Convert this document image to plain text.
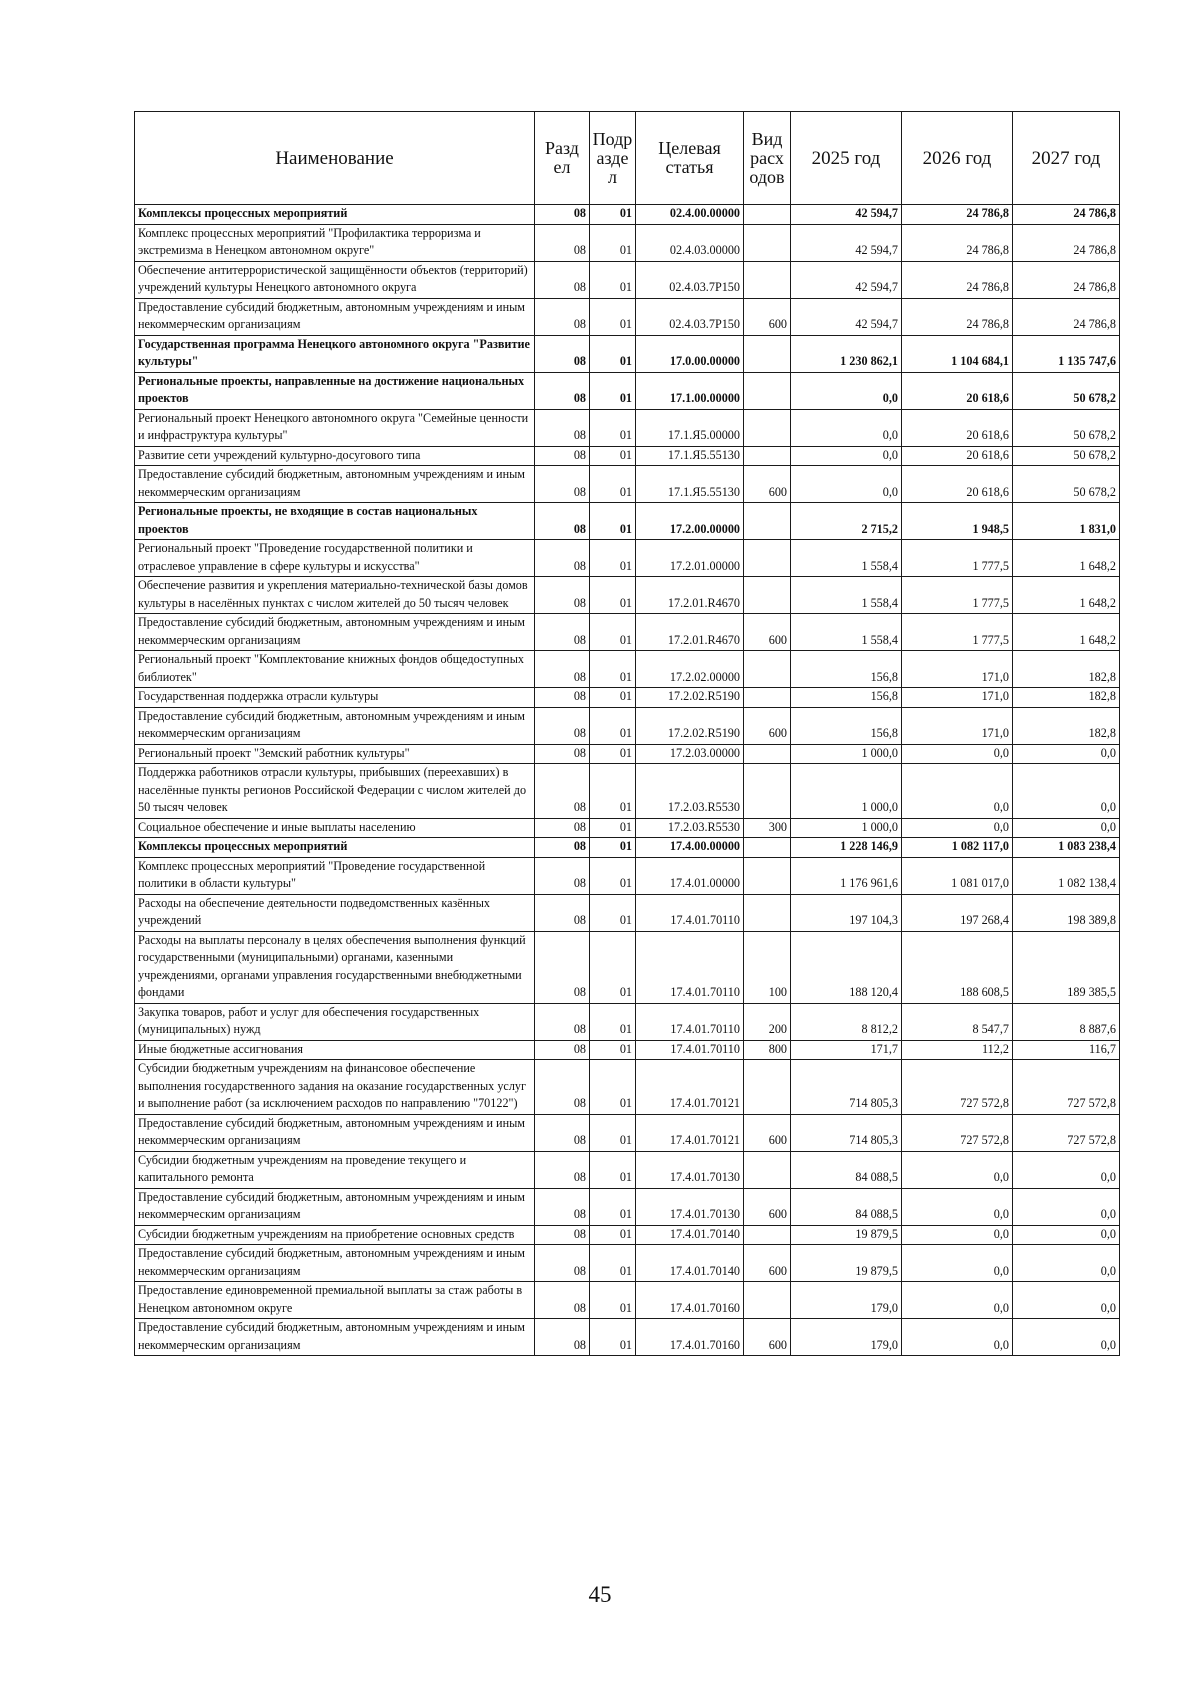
Наименование	Разд ел	Подр азде л	Целевая статья	Вид расх одов	2025 год	2026 год	2027 год
Комплексы процессных мероприятий	08	01	02.4.00.00000		42 594,7	24 786,8	24 786,8
Комплекс процессных мероприятий "Профилактика терроризма и экстремизма в Ненецком автономном округе"	08	01	02.4.03.00000		42 594,7	24 786,8	24 786,8
Обеспечение антитеррористической защищённости объектов (территорий) учреждений культуры Ненецкого автономного округа	08	01	02.4.03.7Р150		42 594,7	24 786,8	24 786,8
Предоставление субсидий бюджетным, автономным учреждениям и иным некоммерческим организациям	08	01	02.4.03.7Р150	600	42 594,7	24 786,8	24 786,8
Государственная программа Ненецкого автономного округа "Развитие культуры"	08	01	17.0.00.00000		1 230 862,1	1 104 684,1	1 135 747,6
Региональные проекты, направленные на достижение национальных проектов	08	01	17.1.00.00000		0,0	20 618,6	50 678,2
Региональный проект Ненецкого автономного округа "Семейные ценности и инфраструктура культуры"	08	01	17.1.Я5.00000		0,0	20 618,6	50 678,2
Развитие сети учреждений культурно-досугового типа	08	01	17.1.Я5.55130		0,0	20 618,6	50 678,2
Предоставление субсидий бюджетным, автономным учреждениям и иным некоммерческим организациям	08	01	17.1.Я5.55130	600	0,0	20 618,6	50 678,2
Региональные проекты, не входящие в состав национальных проектов	08	01	17.2.00.00000		2 715,2	1 948,5	1 831,0
Региональный проект "Проведение государственной политики и отраслевое управление в сфере культуры и искусства"	08	01	17.2.01.00000		1 558,4	1 777,5	1 648,2
Обеспечение развития и укрепления материально-технической базы домов культуры в населённых пунктах с числом жителей до 50 тысяч человек	08	01	17.2.01.R4670		1 558,4	1 777,5	1 648,2
Предоставление субсидий бюджетным, автономным учреждениям и иным некоммерческим организациям	08	01	17.2.01.R4670	600	1 558,4	1 777,5	1 648,2
Региональный проект "Комплектование книжных фондов общедоступных библиотек"	08	01	17.2.02.00000		156,8	171,0	182,8
Государственная поддержка отрасли культуры	08	01	17.2.02.R5190		156,8	171,0	182,8
Предоставление субсидий бюджетным, автономным учреждениям и иным некоммерческим организациям	08	01	17.2.02.R5190	600	156,8	171,0	182,8
Региональный проект "Земский работник культуры"	08	01	17.2.03.00000		1 000,0	0,0	0,0
Поддержка работников отрасли культуры, прибывших (переехавших) в населённые пункты регионов Российской Федерации с числом жителей до 50 тысяч человек	08	01	17.2.03.R5530		1 000,0	0,0	0,0
Социальное обеспечение и иные выплаты населению	08	01	17.2.03.R5530	300	1 000,0	0,0	0,0
Комплексы процессных мероприятий	08	01	17.4.00.00000		1 228 146,9	1 082 117,0	1 083 238,4
Комплекс процессных мероприятий "Проведение государственной политики в области культуры"	08	01	17.4.01.00000		1 176 961,6	1 081 017,0	1 082 138,4
Расходы на обеспечение деятельности подведомственных казённых учреждений	08	01	17.4.01.70110		197 104,3	197 268,4	198 389,8
Расходы на выплаты персоналу в целях обеспечения выполнения функций государственными (муниципальными) органами, казенными учреждениями, органами управления государственными внебюджетными фондами	08	01	17.4.01.70110	100	188 120,4	188 608,5	189 385,5
Закупка товаров, работ и услуг для обеспечения государственных (муниципальных) нужд	08	01	17.4.01.70110	200	8 812,2	8 547,7	8 887,6
Иные бюджетные ассигнования	08	01	17.4.01.70110	800	171,7	112,2	116,7
Субсидии бюджетным учреждениям на финансовое обеспечение выполнения государственного задания на оказание государственных услуг и выполнение работ (за исключением расходов по направлению "70122")	08	01	17.4.01.70121		714 805,3	727 572,8	727 572,8
Предоставление субсидий бюджетным, автономным учреждениям и иным некоммерческим организациям	08	01	17.4.01.70121	600	714 805,3	727 572,8	727 572,8
Субсидии бюджетным учреждениям на проведение текущего и капитального ремонта	08	01	17.4.01.70130		84 088,5	0,0	0,0
Предоставление субсидий бюджетным, автономным учреждениям и иным некоммерческим организациям	08	01	17.4.01.70130	600	84 088,5	0,0	0,0
Субсидии бюджетным учреждениям на приобретение основных средств	08	01	17.4.01.70140		19 879,5	0,0	0,0
Предоставление субсидий бюджетным, автономным учреждениям и иным некоммерческим организациям	08	01	17.4.01.70140	600	19 879,5	0,0	0,0
Предоставление единовременной премиальной выплаты за стаж работы в Ненецком автономном округе	08	01	17.4.01.70160		179,0	0,0	0,0
Предоставление субсидий бюджетным, автономным учреждениям и иным некоммерческим организациям	08	01	17.4.01.70160	600	179,0	0,0	0,0
45
